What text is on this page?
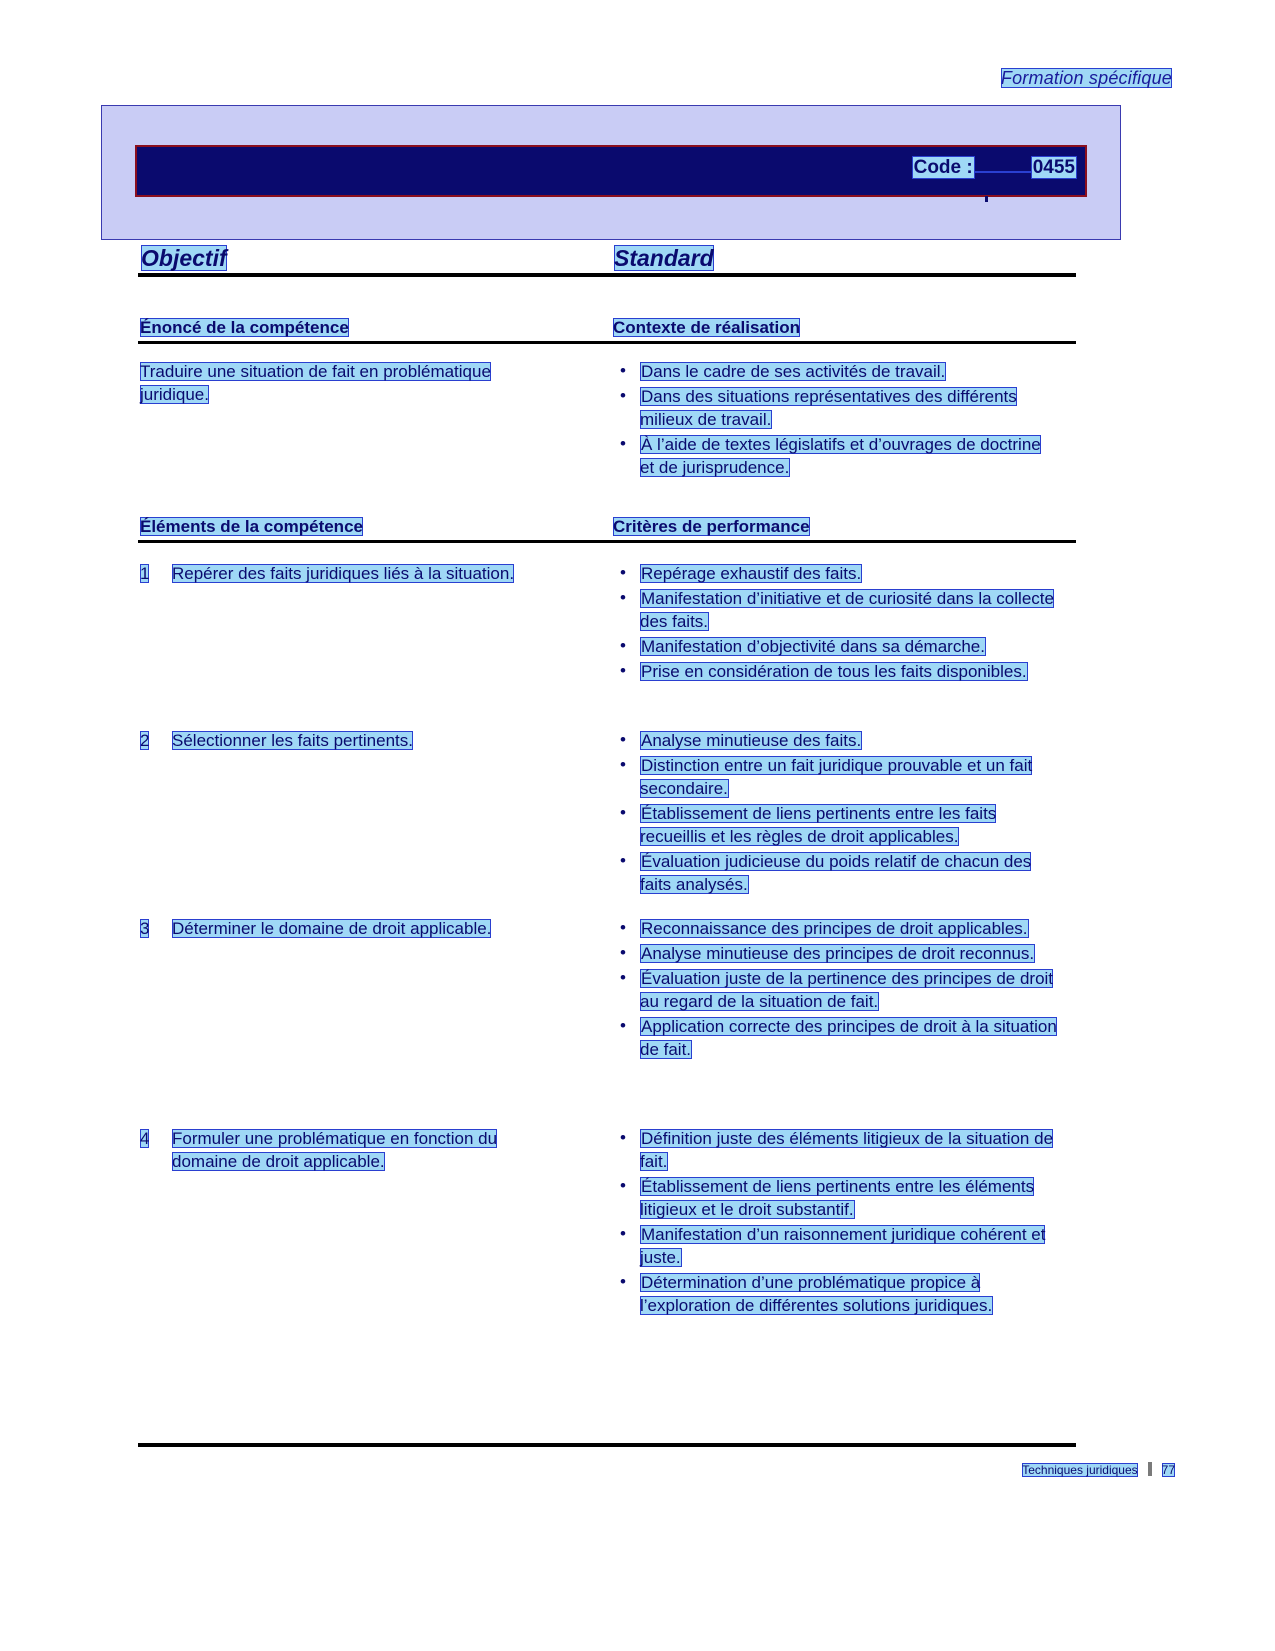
Formation spécifique
Code :	0455
Objectif	Standard
Énoncé de la compétence	Contexte de réalisation
Traduire une situation de fait en problématique
juridique.
• Dans le cadre de ses activités de travail.
• Dans des situations représentatives des différents milieux de travail.
• À l’aide de textes législatifs et d’ouvrages de doctrine et de jurisprudence.
Éléments de la compétence	Critères de performance
1 Repérer des faits juridiques liés à la situation.	• Repérage exhaustif des faits.
• Manifestation d’initiative et de curiosité dans la collecte des faits.
• Manifestation d’objectivité dans sa démarche.
• Prise en considération de tous les faits disponibles.
2 Sélectionner les faits pertinents.	• Analyse minutieuse des faits.
• Distinction entre un fait juridique prouvable et un fait secondaire.
• Établissement de liens pertinents entre les faits recueillis et les règles de droit applicables.
• Évaluation judicieuse du poids relatif de chacun des faits analysés.
3 Déterminer le domaine de droit applicable.	• Reconnaissance des principes de droit applicables.
• Analyse minutieuse des principes de droit reconnus.
• Évaluation juste de la pertinence des principes de droit au regard de la situation de fait.
• Application correcte des principes de droit à la situation de fait.
4 Formuler une problématique en fonction du
domaine de droit applicable.
• Définition juste des éléments litigieux de la situation de fait.
• Établissement de liens pertinents entre les éléments litigieux et le droit substantif.
• Manifestation d’un raisonnement juridique cohérent et juste.
• Détermination d’une problématique propice à l’exploration de différentes solutions juridiques.
Techniques juridiques 77
